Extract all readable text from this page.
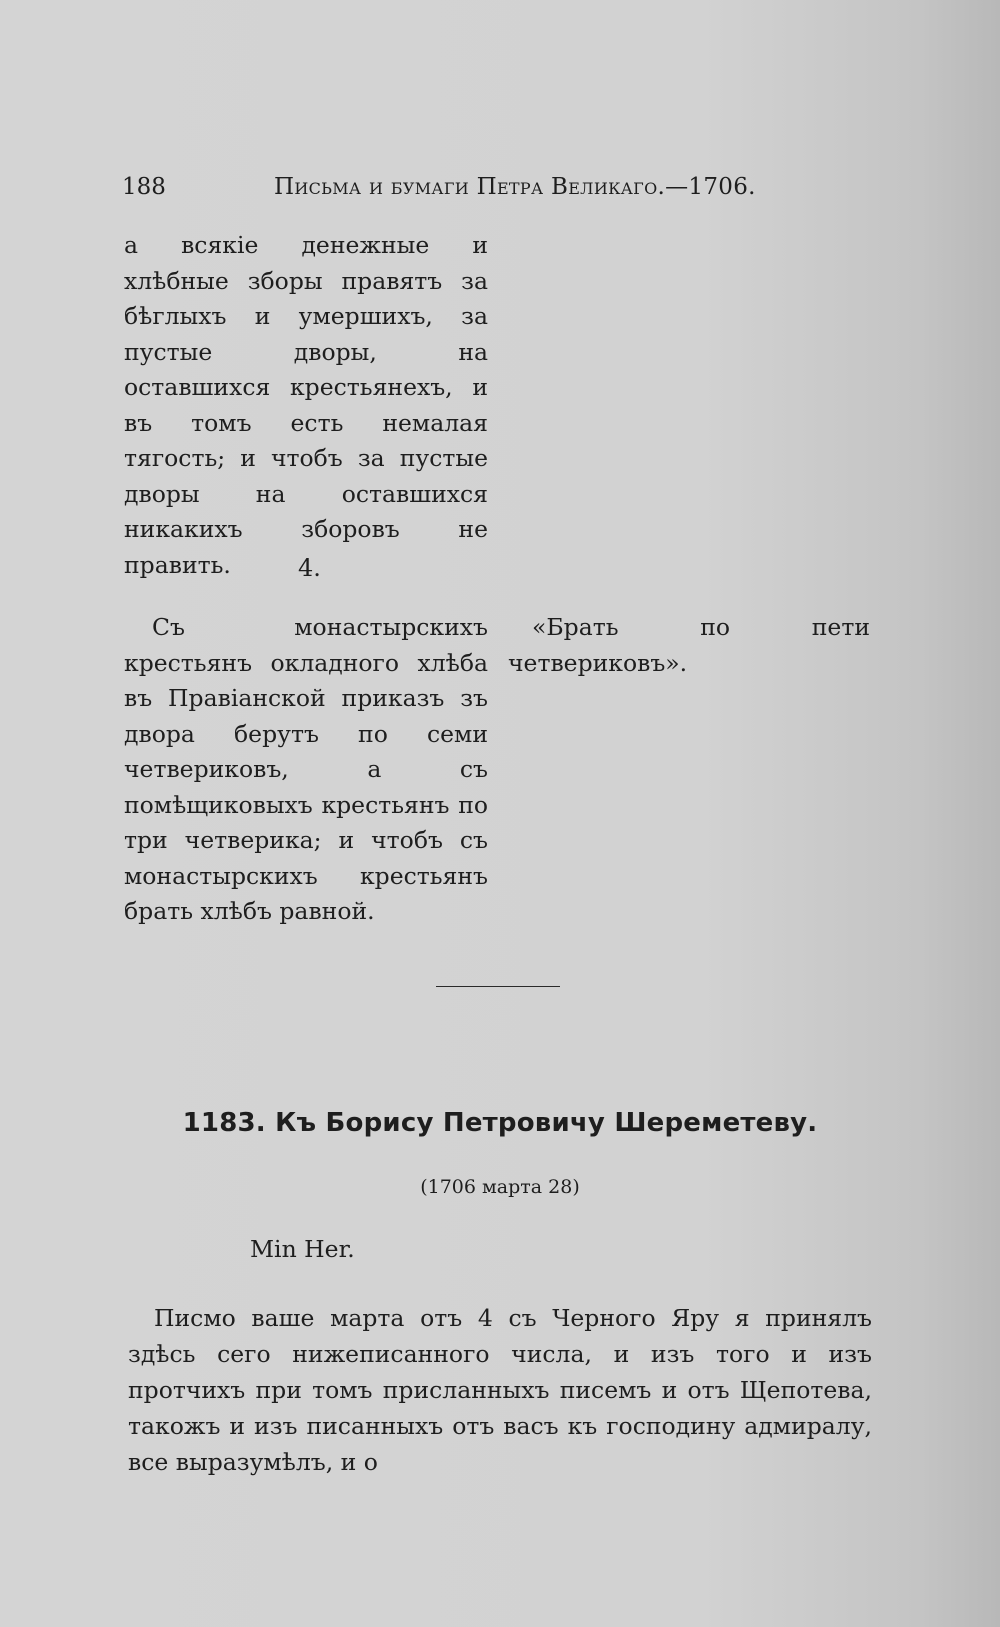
188	Письма и бумаги Петра Великаго.—1706.

а всякіе денежные и хлѣбные зборы правятъ за бѣглыхъ и умершихъ, за пустые дворы, на оставшихся крестьянехъ, и въ томъ есть немалая тягость; и чтобъ за пустые дворы на оставшихся никакихъ зборовъ не править.	4.

Съ монастырскихъ крестьянъ окладного хлѣба въ Правіанской приказъ зъ двора берутъ по семи четвериковъ, а съ помѣщиковыхъ крестьянъ по три четверика; и чтобъ съ монастырскихъ крестьянъ брать хлѣбъ равной.

«Брать по пети четвериковъ».

1183. Къ Борису Петровичу Шереметеву.
(1706 марта 28)
Min Her.

Писмо ваше марта отъ 4 съ Черного Яру я принялъ здѣсь сего нижеписанного числа, и изъ того и изъ протчихъ при томъ присланныхъ писемъ и отъ Щепотева, такожъ и изъ писанныхъ отъ васъ къ господину адмиралу, все выразумѣлъ, и о
